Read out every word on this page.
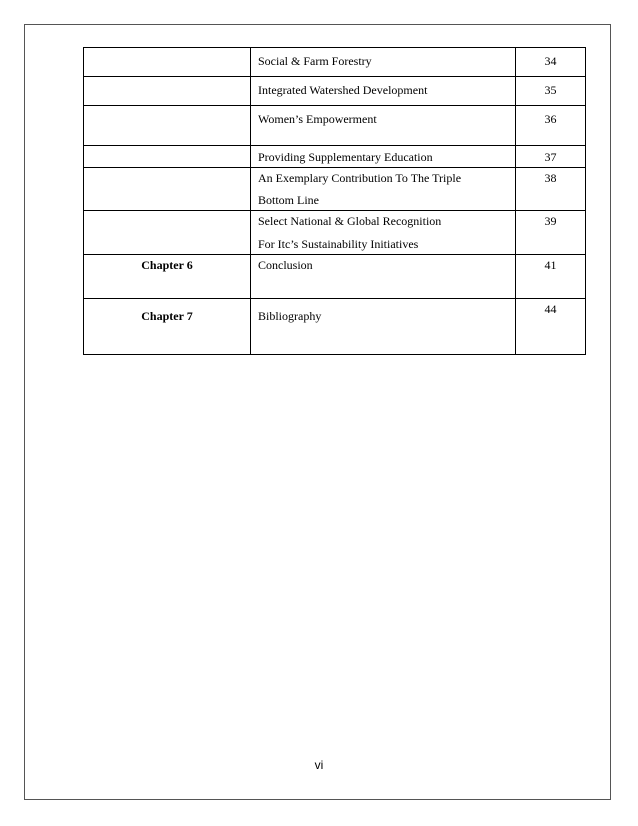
	Social & Farm Forestry	34

	Integrated Watershed Development	35

	Women’s Empowerment	36

	Providing Supplementary Education	37

	An Exemplary Contribution To The Triple
Bottom Line	38

	Select National & Global Recognition
For Itc’s Sustainability Initiatives	39

Chapter 6	Conclusion	41

Chapter 7	Bibliography	44
vi
